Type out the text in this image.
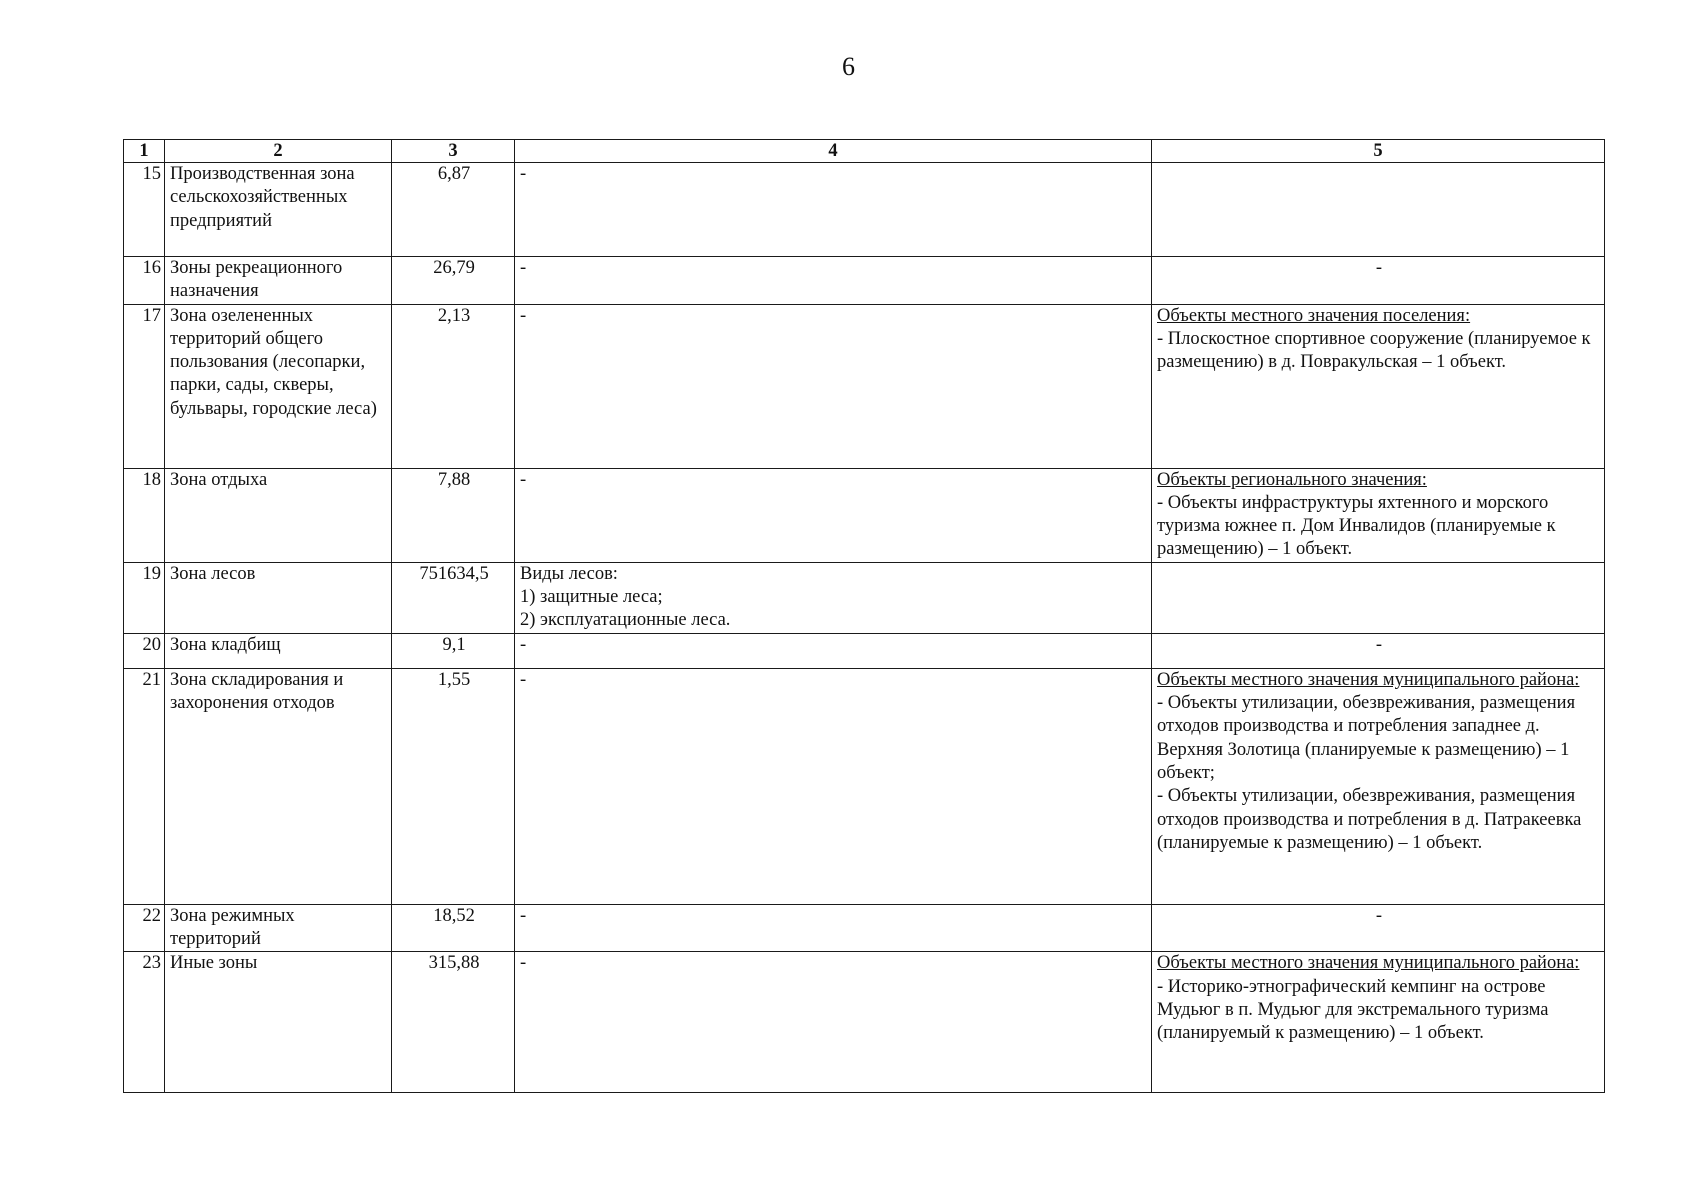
6
1	2	3	4	5
15	Производственная зона сельскохозяйственных предприятий	6,87	-	
16	Зоны рекреационного назначения	26,79	-	-

17	Зона озелененных территорий общего пользования (лесопарки, парки, сады, скверы, бульвары, городские леса)	2,13	-	Объекты местного значения поселения:
- Плоскостное спортивное сооружение (планируемое к размещению) в д. Повракульская – 1 объект.

18	Зона отдыха	7,88	-	Объекты регионального значения:
- Объекты инфраструктуры яхтенного и морского туризма южнее п. Дом Инвалидов (планируемые к размещению) – 1 объект.

19	Зона лесов	751634,5	Виды лесов:
1) защитные леса;
2) эксплуатационные леса.	

20	Зона кладбищ	9,1	-	-

21	Зона складирования и захоронения отходов	1,55	-	Объекты местного значения муниципального района:
- Объекты утилизации, обезвреживания, размещения отходов производства и потребления западнее д. Верхняя Золотица (планируемые к размещению) – 1 объект;
- Объекты утилизации, обезвреживания, размещения отходов производства и потребления в д. Патракеевка (планируемые к размещению) – 1 объект.

22	Зона режимных территорий	18,52	-	-

23	Иные зоны	315,88	-	Объекты местного значения муниципального района:
- Историко-этнографический кемпинг на острове Мудьюг в п. Мудьюг для экстремального туризма (планируемый к размещению) – 1 объект.
